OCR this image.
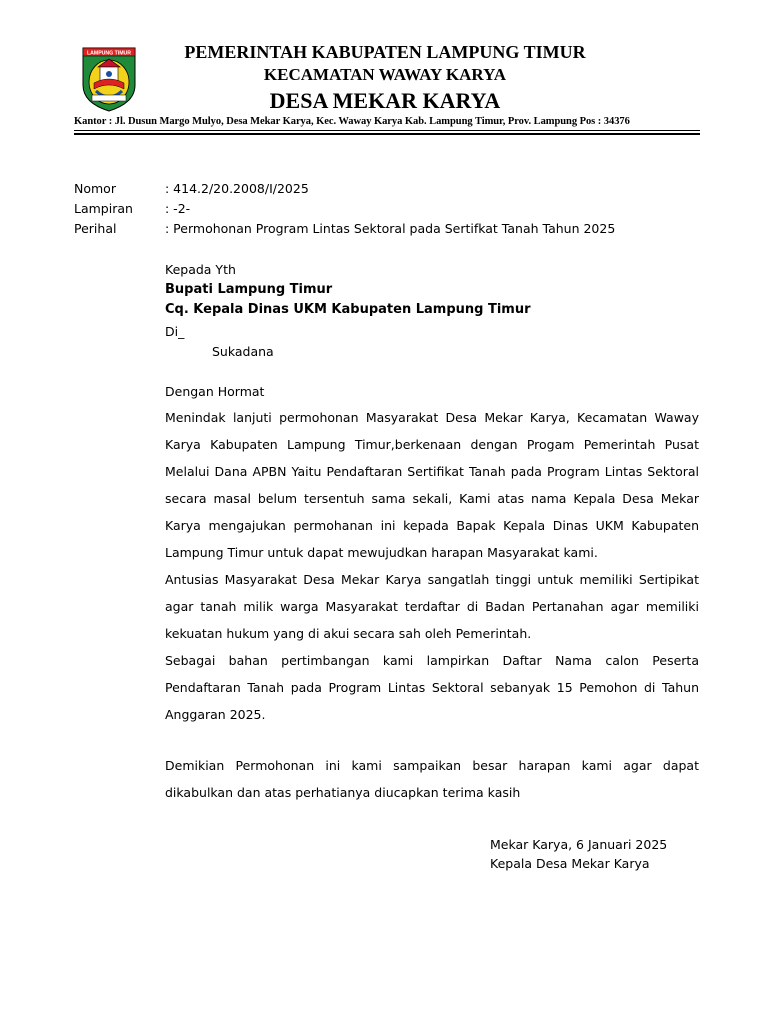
LAMPUNG TIMUR	PEMERINTAH KABUPATEN LAMPUNG TIMUR
KECAMATAN WAWAY KARYA
DESA MEKAR KARYA
Kantor : Jl. Dusun Margo Mulyo, Desa Mekar Karya, Kec. Waway Karya Kab. Lampung Timur, Prov. Lampung Pos : 34376
Nomor	: 414.2/20.2008/I/2025
Lampiran	: -2-
Perihal	: Permohonan Program Lintas Sektoral pada Sertifkat Tanah Tahun 2025
Kepada Yth
Bupati Lampung Timur
Cq. Kepala Dinas UKM Kabupaten Lampung Timur
Di_
Sukadana
Dengan Hormat
Menindak lanjuti permohonan Masyarakat Desa Mekar Karya, Kecamatan Waway Karya Kabupaten Lampung Timur,berkenaan dengan Progam Pemerintah Pusat Melalui Dana APBN Yaitu Pendaftaran Sertifikat Tanah pada Program Lintas Sektoral secara masal belum tersentuh sama sekali, Kami atas nama Kepala Desa Mekar Karya mengajukan permohanan ini kepada Bapak Kepala Dinas UKM Kabupaten Lampung Timur untuk dapat mewujudkan harapan Masyarakat kami.
Antusias Masyarakat Desa Mekar Karya sangatlah tinggi untuk memiliki Sertipikat agar tanah milik warga Masyarakat terdaftar di Badan Pertanahan agar memiliki kekuatan hukum yang di akui secara sah oleh Pemerintah.
Sebagai bahan pertimbangan kami lampirkan Daftar Nama calon Peserta Pendaftaran Tanah pada Program Lintas Sektoral sebanyak 15 Pemohon di Tahun Anggaran 2025.
Demikian Permohonan ini kami sampaikan besar harapan kami agar dapat dikabulkan dan atas perhatianya diucapkan terima kasih
Mekar Karya, 6 Januari 2025
Kepala Desa Mekar Karya
